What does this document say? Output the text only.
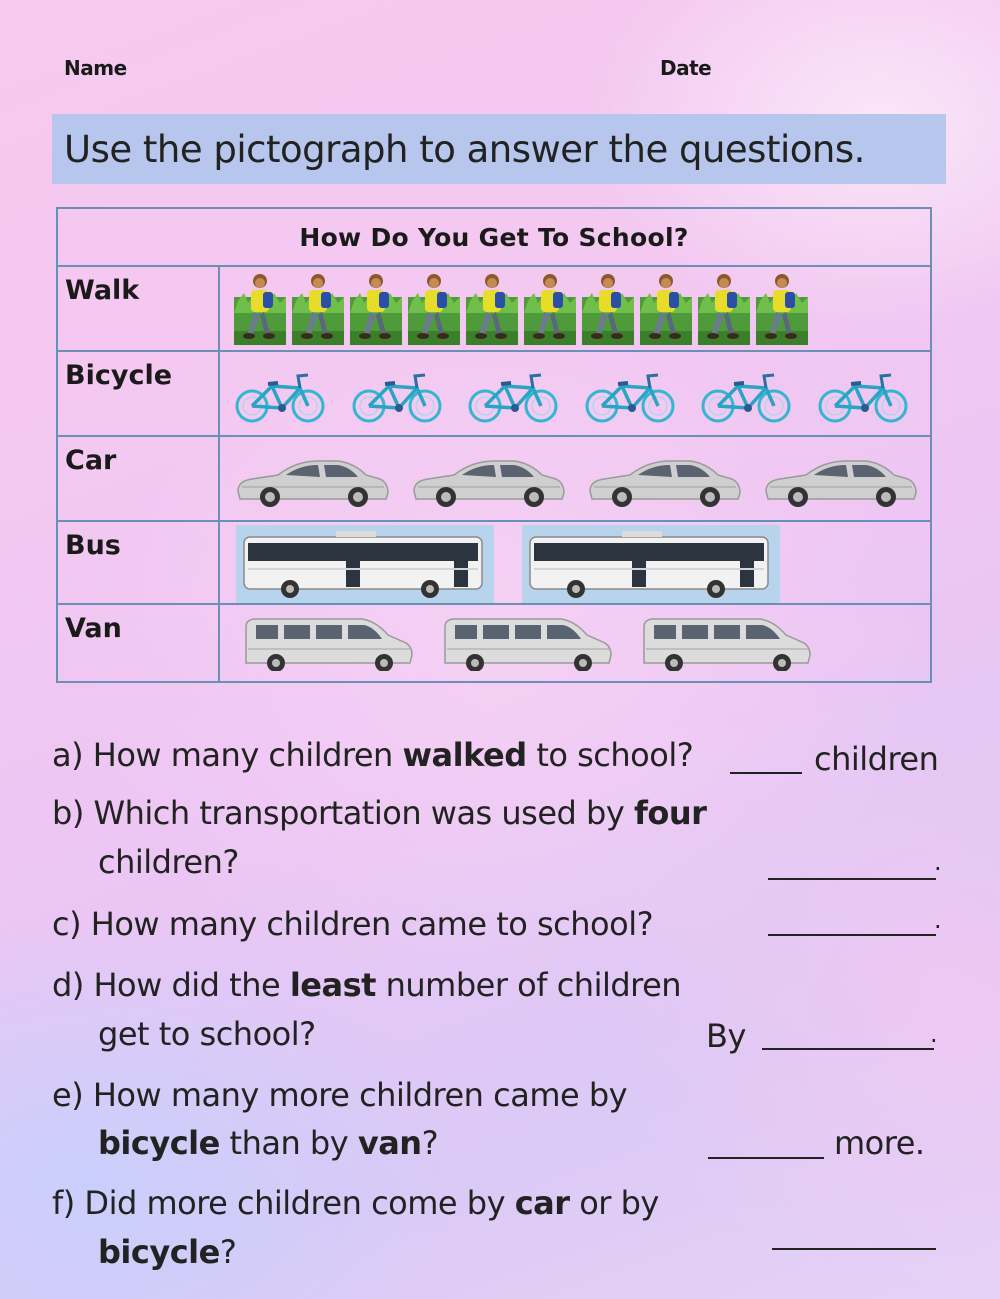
Name	Date
Use the pictograph to answer the questions.
How Do You Get To School?
Walk
Bicycle
Car
Bus
Van
a) How many children walked to school?	children
b) Which transportation was used by four
children?	.
c) How many children came to school?	.
d) How did the least number of children
get to school?	By	.
e) How many more children came by
bicycle than by van?	more.
f) Did more children come by car or by
bicycle?
